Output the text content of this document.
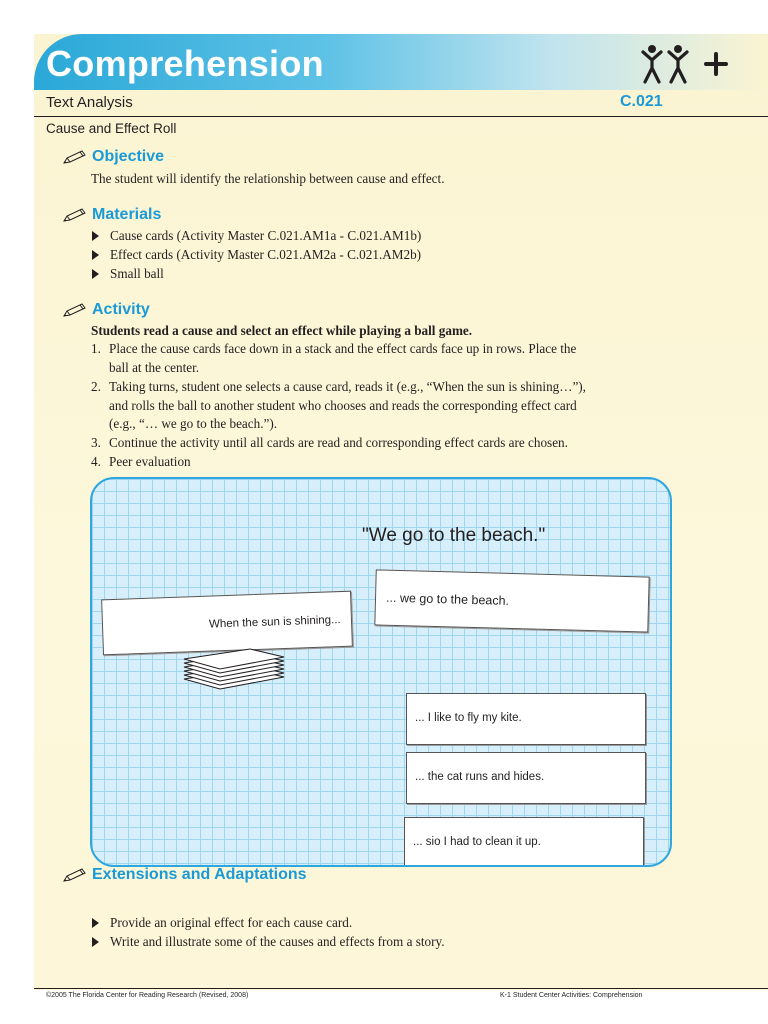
Comprehension
Text Analysis	C.021
Cause and Effect Roll
Objective
The student will identify the relationship between cause and effect.
Materials
Cause cards (Activity Master C.021.AM1a - C.021.AM1b)
Effect cards (Activity Master C.021.AM2a - C.021.AM2b)
Small ball
Activity
Students read a cause and select an effect while playing a ball game.
1. Place the cause cards face down in a stack and the effect cards face up in rows. Place the
ball at the center.
2. Taking turns, student one selects a cause card, reads it (e.g., “When the sun is shining…”),
and rolls the ball to another student who chooses and reads the corresponding effect card
(e.g., “… we go to the beach.”).
3. Continue the activity until all cards are read and corresponding effect cards are chosen.
4. Peer evaluation
"We go to the beach."
When the sun is shining...
... we go to the beach.
... I like to fly my kite.
... the cat runs and hides.
... sio I had to clean it up.
Extensions and Adaptations
Provide an original effect for each cause card.
Write and illustrate some of the causes and effects from a story.
©2005 The Florida Center for Reading Research (Revised, 2008)	K-1 Student Center Activities: Comprehension
